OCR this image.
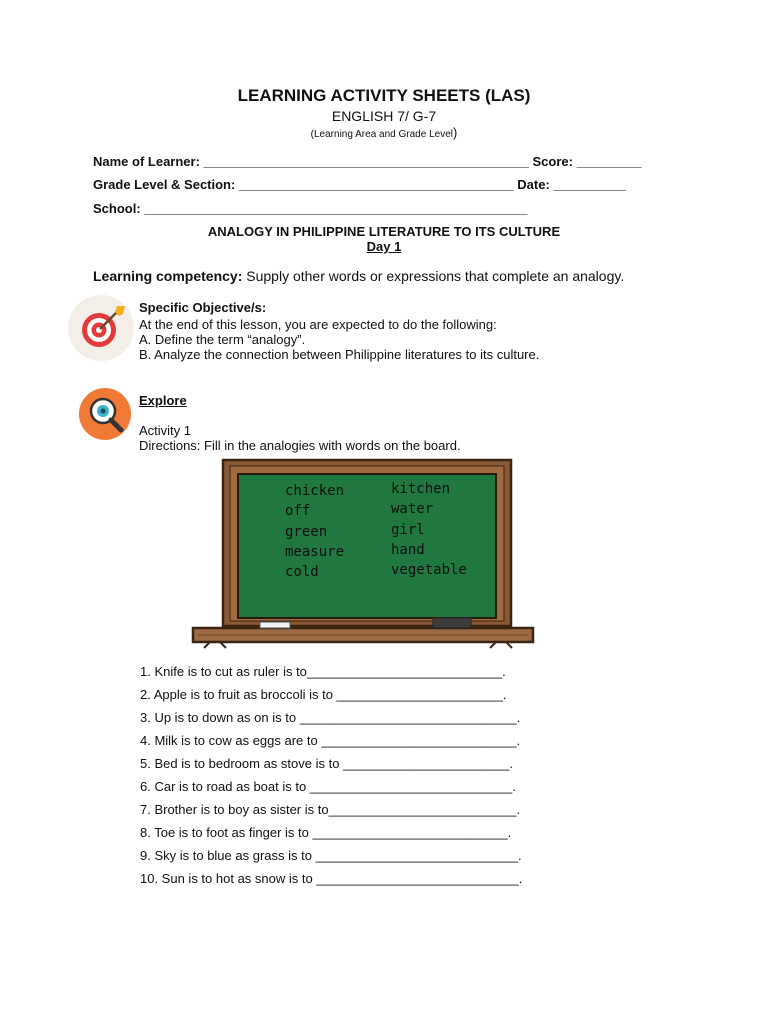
LEARNING ACTIVITY SHEETS (LAS)
ENGLISH 7/ G-7
(Learning Area and Grade Level)
Name of Learner: _____________________________________________ Score: _________
Grade Level & Section: ______________________________________ Date: __________
School: _____________________________________________________
ANALOGY IN PHILIPPINE LITERATURE TO ITS CULTURE
Day 1
Learning competency: Supply other words or expressions that complete an analogy.
Specific Objective/s:
At the end of this lesson, you are expected to do the following:
A. Define the term “analogy”.
B. Analyze the connection between Philippine literatures to its culture.
Explore
Activity 1
Directions: Fill in the analogies with words on the board.
chicken
off
green
measure
cold
kitchen
water
girl
hand
vegetable
1. Knife is to cut as ruler is to___________________________.
2. Apple is to fruit as broccoli is to _______________________.
3. Up is to down as on is to ______________________________.
4. Milk is to cow as eggs are to ___________________________.
5. Bed is to bedroom as stove is to _______________________.
6. Car is to road as boat is to ____________________________.
7. Brother is to boy as sister is to__________________________.
8. Toe is to foot as finger is to ___________________________.
9. Sky is to blue as grass is to ____________________________.
10. Sun is to hot as snow is to ____________________________.
